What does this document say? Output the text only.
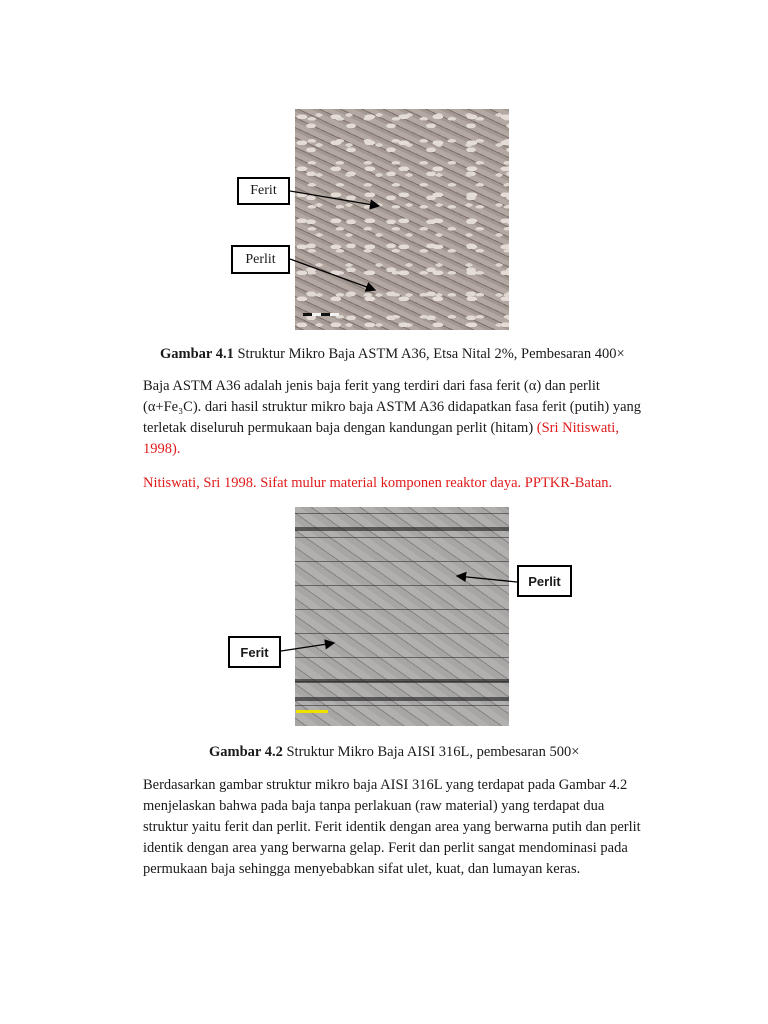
Ferit
Perlit
Gambar 4.1 Struktur Mikro Baja ASTM A36, Etsa Nital 2%, Pembesaran 400×
Baja ASTM A36 adalah jenis baja ferit yang terdiri dari fasa ferit (α) dan perlit (α+Fe₃C). dari hasil struktur mikro baja ASTM A36 didapatkan fasa ferit (putih) yang terletak diseluruh permukaan baja dengan kandungan perlit (hitam) (Sri Nitiswati, 1998).
Nitiswati, Sri 1998. Sifat mulur material komponen reaktor daya. PPTKR-Batan.
Perlit
Ferit
Gambar 4.2 Struktur Mikro Baja AISI 316L, pembesaran 500×
Berdasarkan gambar struktur mikro baja AISI 316L yang terdapat pada Gambar 4.2 menjelaskan bahwa pada baja tanpa perlakuan (raw material) yang terdapat dua struktur yaitu ferit dan perlit. Ferit identik dengan area yang berwarna putih dan perlit identik dengan area yang berwarna gelap. Ferit dan perlit sangat mendominasi pada permukaan baja sehingga menyebabkan sifat ulet, kuat, dan lumayan keras.
